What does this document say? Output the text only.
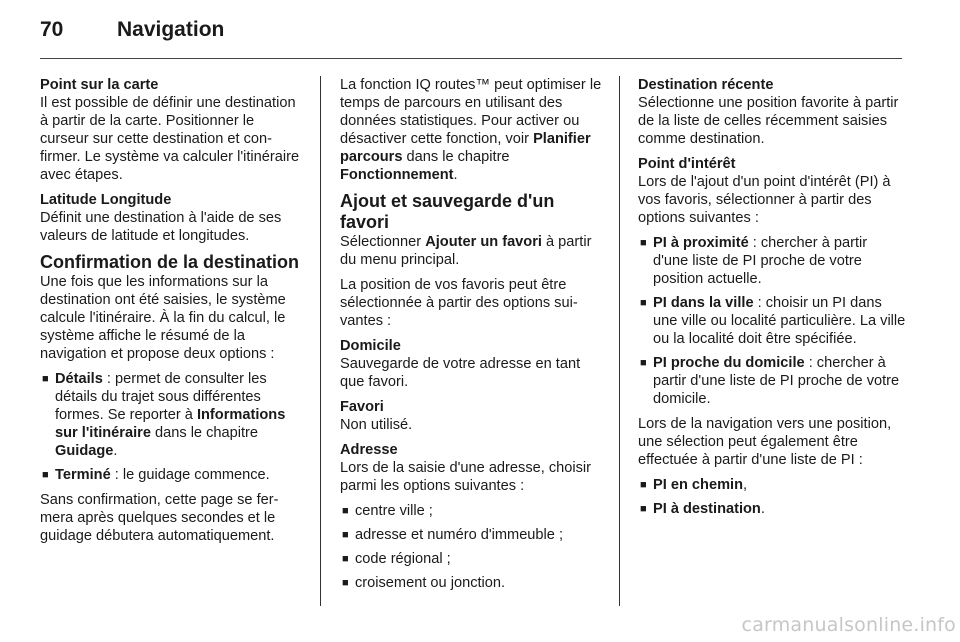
70	Navigation
Point sur la carte
Il est possible de définir une destination à partir de la carte. Positionner le curseur sur cette destination et confirmer. Le système va calculer l'itinéraire avec étapes.
Latitude Longitude
Définit une destination à l'aide de ses valeurs de latitude et longitudes.
Confirmation de la destination
Une fois que les informations sur la destination ont été saisies, le système calcule l'itinéraire. À la fin du calcul, le système affiche le résumé de la navigation et propose deux options :
■ Détails : permet de consulter les détails du trajet sous différentes formes. Se reporter à Informations sur l'itinéraire dans le chapitre Guidage.
■ Terminé : le guidage commence.
Sans confirmation, cette page se fermera après quelques secondes et le guidage débutera automatiquement.
La fonction IQ routes™ peut optimiser le temps de parcours en utilisant des données statistiques. Pour activer ou désactiver cette fonction, voir Planifier parcours dans le chapitre Fonctionnement.
Ajout et sauvegarde d'un favori
Sélectionner Ajouter un favori à partir du menu principal.
La position de vos favoris peut être sélectionnée à partir des options suivantes :
Domicile
Sauvegarde de votre adresse en tant que favori.
Favori
Non utilisé.
Adresse
Lors de la saisie d'une adresse, choisir parmi les options suivantes :
■ centre ville ;
■ adresse et numéro d'immeuble ;
■ code régional ;
■ croisement ou jonction.
Destination récente
Sélectionne une position favorite à partir de la liste de celles récemment saisies comme destination.
Point d'intérêt
Lors de l'ajout d'un point d'intérêt (PI) à vos favoris, sélectionner à partir des options suivantes :
■ PI à proximité : chercher à partir d'une liste de PI proche de votre position actuelle.
■ PI dans la ville : choisir un PI dans une ville ou localité particulière. La ville ou la localité doit être spécifiée.
■ PI proche du domicile : chercher à partir d'une liste de PI proche de votre domicile.
Lors de la navigation vers une position, une sélection peut également être effectuée à partir d'une liste de PI :
■ PI en chemin,
■ PI à destination.
carmanualsonline.info
